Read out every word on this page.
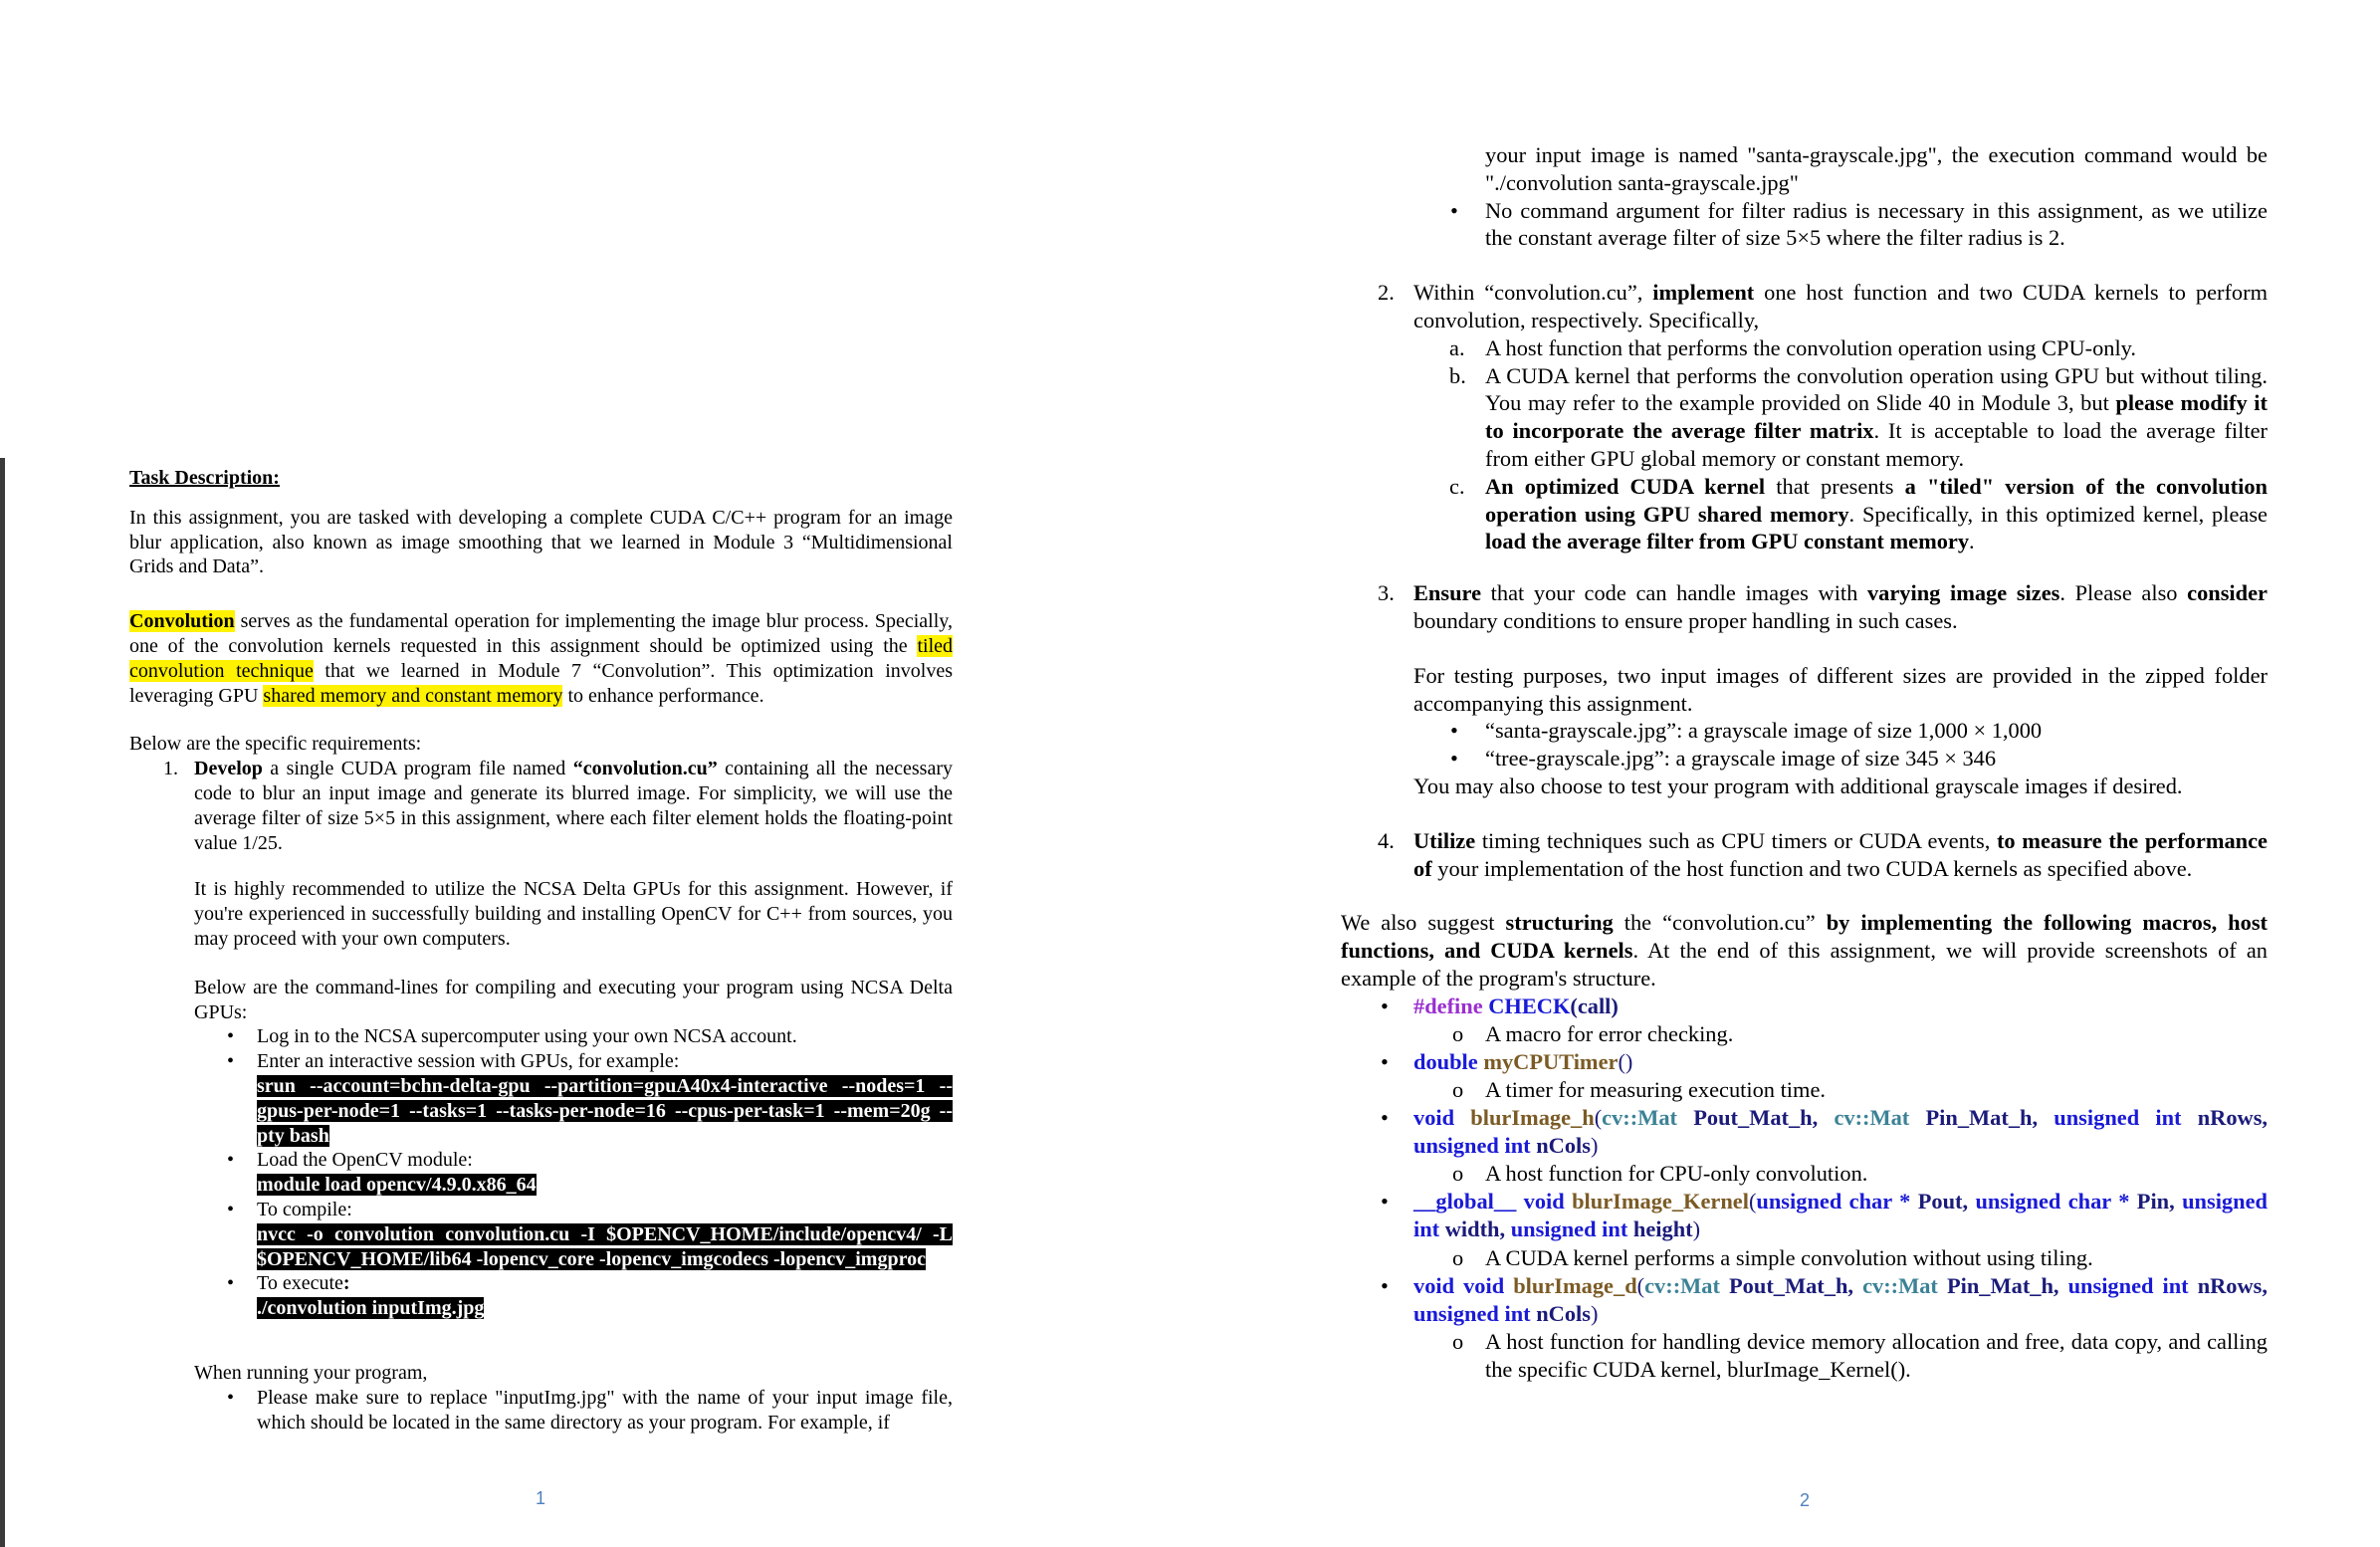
Task Description:
In this assignment, you are tasked with developing a complete CUDA C/C++ program for an image blur application, also known as image smoothing that we learned in Module 3 “Multidimensional Grids and Data”.
Convolution serves as the fundamental operation for implementing the image blur process. Specially, one of the convolution kernels requested in this assignment should be optimized using the tiled convolution technique that we learned in Module 7 “Convolution”. This optimization involves leveraging GPU shared memory and constant memory to enhance performance.
Below are the specific requirements:
1. Develop a single CUDA program file named “convolution.cu” containing all the necessary code to blur an input image and generate its blurred image. For simplicity, we will use the average filter of size 5×5 in this assignment, where each filter element holds the floating-point value 1/25.
It is highly recommended to utilize the NCSA Delta GPUs for this assignment. However, if you're experienced in successfully building and installing OpenCV for C++ from sources, you may proceed with your own computers.
Below are the command-lines for compiling and executing your program using NCSA Delta GPUs:
• Log in to the NCSA supercomputer using your own NCSA account.
• Enter an interactive session with GPUs, for example:
srun --account=bchn-delta-gpu --partition=gpuA40x4-interactive --nodes=1 --gpus-per-node=1 --tasks=1 --tasks-per-node=16 --cpus-per-task=1 --mem=20g --pty bash
• Load the OpenCV module:
module load opencv/4.9.0.x86_64
• To compile:
nvcc -o convolution convolution.cu -I $OPENCV_HOME/include/opencv4/ -L $OPENCV_HOME/lib64 -lopencv_core -lopencv_imgcodecs -lopencv_imgproc
• To execute:
./convolution inputImg.jpg
When running your program,
• Please make sure to replace "inputImg.jpg" with the name of your input image file, which should be located in the same directory as your program. For example, if
1
your input image is named "santa-grayscale.jpg", the execution command would be "./convolution santa-grayscale.jpg"
• No command argument for filter radius is necessary in this assignment, as we utilize the constant average filter of size 5×5 where the filter radius is 2.
2. Within “convolution.cu”, implement one host function and two CUDA kernels to perform convolution, respectively. Specifically,
a. A host function that performs the convolution operation using CPU-only.
b. A CUDA kernel that performs the convolution operation using GPU but without tiling. You may refer to the example provided on Slide 40 in Module 3, but please modify it to incorporate the average filter matrix. It is acceptable to load the average filter from either GPU global memory or constant memory.
c. An optimized CUDA kernel that presents a "tiled" version of the convolution operation using GPU shared memory. Specifically, in this optimized kernel, please load the average filter from GPU constant memory.
3. Ensure that your code can handle images with varying image sizes. Please also consider boundary conditions to ensure proper handling in such cases.
For testing purposes, two input images of different sizes are provided in the zipped folder accompanying this assignment.
• “santa-grayscale.jpg”: a grayscale image of size 1,000 × 1,000
• “tree-grayscale.jpg”: a grayscale image of size 345 × 346
You may also choose to test your program with additional grayscale images if desired.
4. Utilize timing techniques such as CPU timers or CUDA events, to measure the performance of your implementation of the host function and two CUDA kernels as specified above.
We also suggest structuring the “convolution.cu” by implementing the following macros, host functions, and CUDA kernels. At the end of this assignment, we will provide screenshots of an example of the program's structure.
• #define CHECK(call)
o A macro for error checking.
• double myCPUTimer()
o A timer for measuring execution time.
• void blurImage_h(cv::Mat Pout_Mat_h, cv::Mat Pin_Mat_h, unsigned int nRows, unsigned int nCols)
o A host function for CPU-only convolution.
• __global__ void blurImage_Kernel(unsigned char * Pout, unsigned char * Pin, unsigned int width, unsigned int height)
o A CUDA kernel performs a simple convolution without using tiling.
• void void blurImage_d(cv::Mat Pout_Mat_h, cv::Mat Pin_Mat_h, unsigned int nRows, unsigned int nCols)
o A host function for handling device memory allocation and free, data copy, and calling the specific CUDA kernel, blurImage_Kernel().
2
